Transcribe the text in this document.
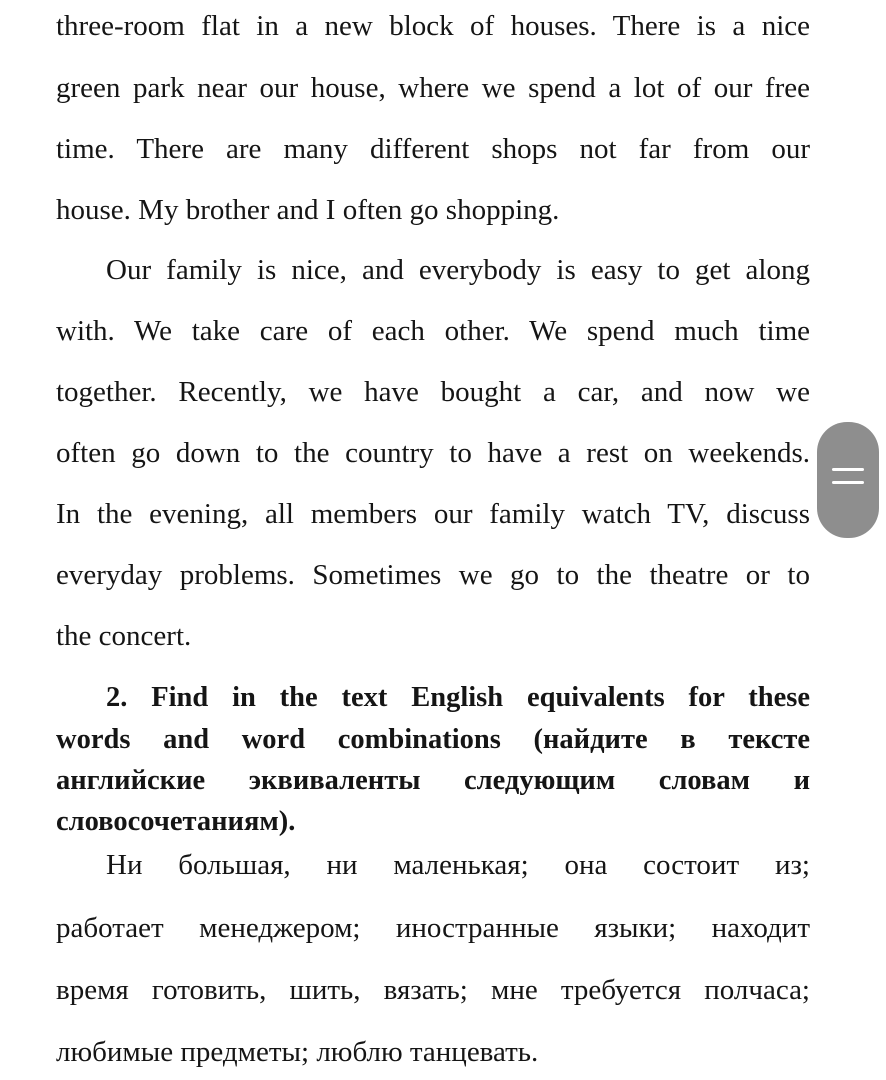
three-room flat in a new block of houses. There is a nice
green park near our house, where we spend a lot of our free
time. There are many different shops not far from our
house. My brother and I often go shopping.
Our family is nice, and everybody is easy to get along
with. We take care of each other. We spend much time
together. Recently, we have bought a car, and now we
often go down to the country to have a rest on weekends.
In the evening, all members our family watch TV, discuss
everyday problems. Sometimes we go to the theatre or to
the concert.
2. Find in the text English equivalents for these
words and word combinations (найдите в тексте
английские эквиваленты следующим словам и
словосочетаниям).
Ни большая, ни маленькая; она состоит из;
работает менеджером; иностранные языки; находит
время готовить, шить, вязать; мне требуется полчаса;
любимые предметы; люблю танцевать.
